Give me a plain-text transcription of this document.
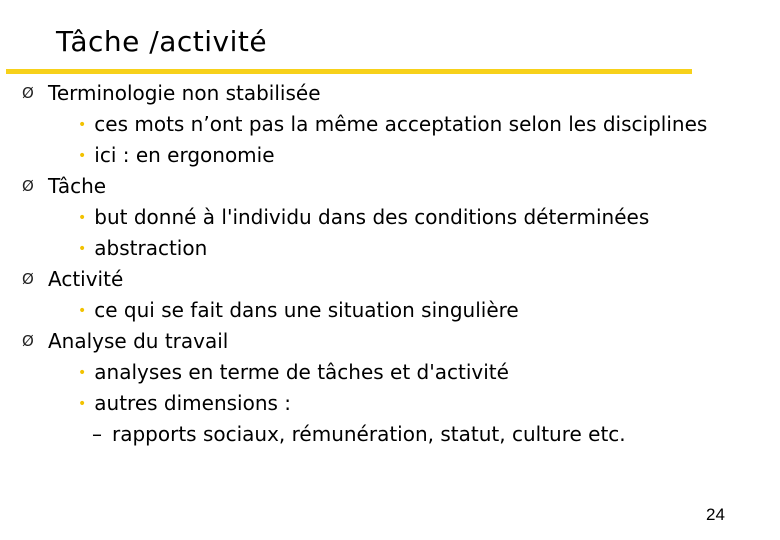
Tâche /activité
Ø Terminologie non stabilisée
• ces mots n’ont pas la même acceptation selon les disciplines
• ici : en ergonomie
Ø Tâche
• but donné à l'individu dans des conditions déterminées
• abstraction
Ø Activité
• ce qui se fait dans une situation singulière
Ø Analyse du travail
• analyses en terme de tâches et d'activité
• autres dimensions :
– rapports sociaux, rémunération, statut, culture etc.
24
